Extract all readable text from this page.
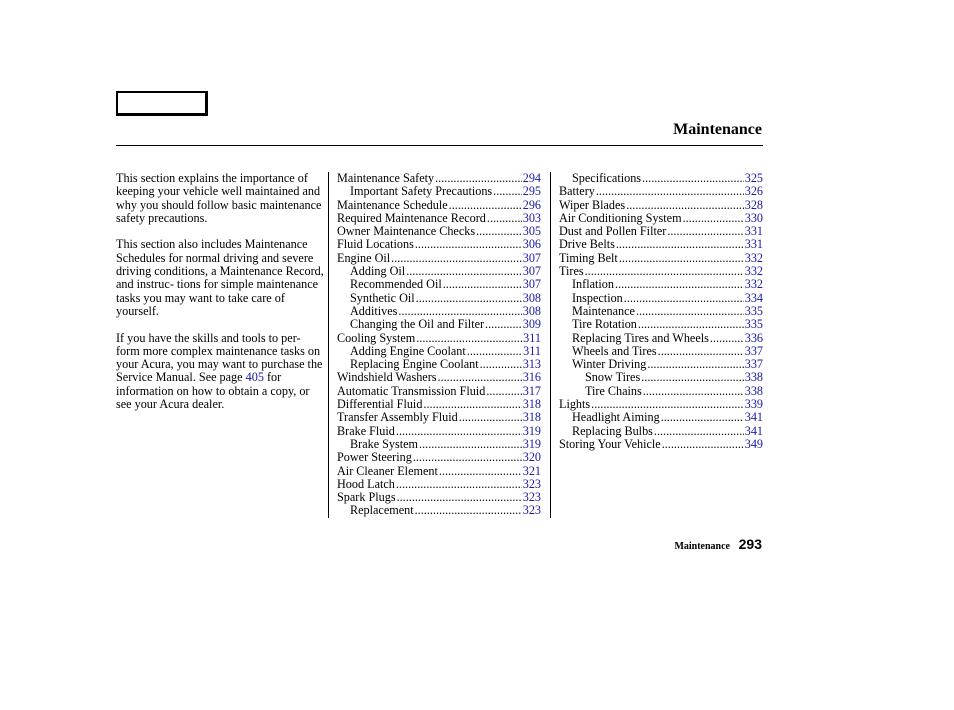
Maintenance

This section explains the importance of keeping your vehicle well maintained and why you should follow basic maintenance safety precautions.

This section also includes Maintenance Schedules for normal driving and severe driving conditions, a Maintenance Record, and instruc- tions for simple maintenance tasks you may want to take care of yourself.

If you have the skills and tools to per- form more complex maintenance tasks on your Acura, you may want to purchase the Service Manual. See page 405 for information on how to obtain a copy, or see your Acura dealer.

Maintenance Safety .....	294
Important Safety Precautions .....	295
Maintenance Schedule .....	296
Required Maintenance Record .....	303
Owner Maintenance Checks .....	305
Fluid Locations .....	306
Engine Oil .....	307
Adding Oil .....	307
Recommended Oil .....	307
Synthetic Oil .....	308
Additives .....	308
Changing the Oil and Filter .....	309
Cooling System .....	311
Adding Engine Coolant .....	311
Replacing Engine Coolant .....	313
Windshield Washers .....	316
Automatic Transmission Fluid .....	317
Differential Fluid .....	318
Transfer Assembly Fluid .....	318
Brake Fluid .....	319
Brake System .....	319
Power Steering .....	320
Air Cleaner Element .....	321
Hood Latch .....	323
Spark Plugs .....	323
Replacement .....	323
Specifications .....	325
Battery .....	326
Wiper Blades .....	328
Air Conditioning System .....	330
Dust and Pollen Filter .....	331
Drive Belts .....	331
Timing Belt .....	332
Tires .....	332
Inflation .....	332
Inspection .....	334
Maintenance .....	335
Tire Rotation .....	335
Replacing Tires and Wheels .....	336
Wheels and Tires .....	337
Winter Driving .....	337
Snow Tires .....	338
Tire Chains .....	338
Lights .....	339
Headlight Aiming .....	341
Replacing Bulbs .....	341
Storing Your Vehicle .....	349
Maintenance 293
